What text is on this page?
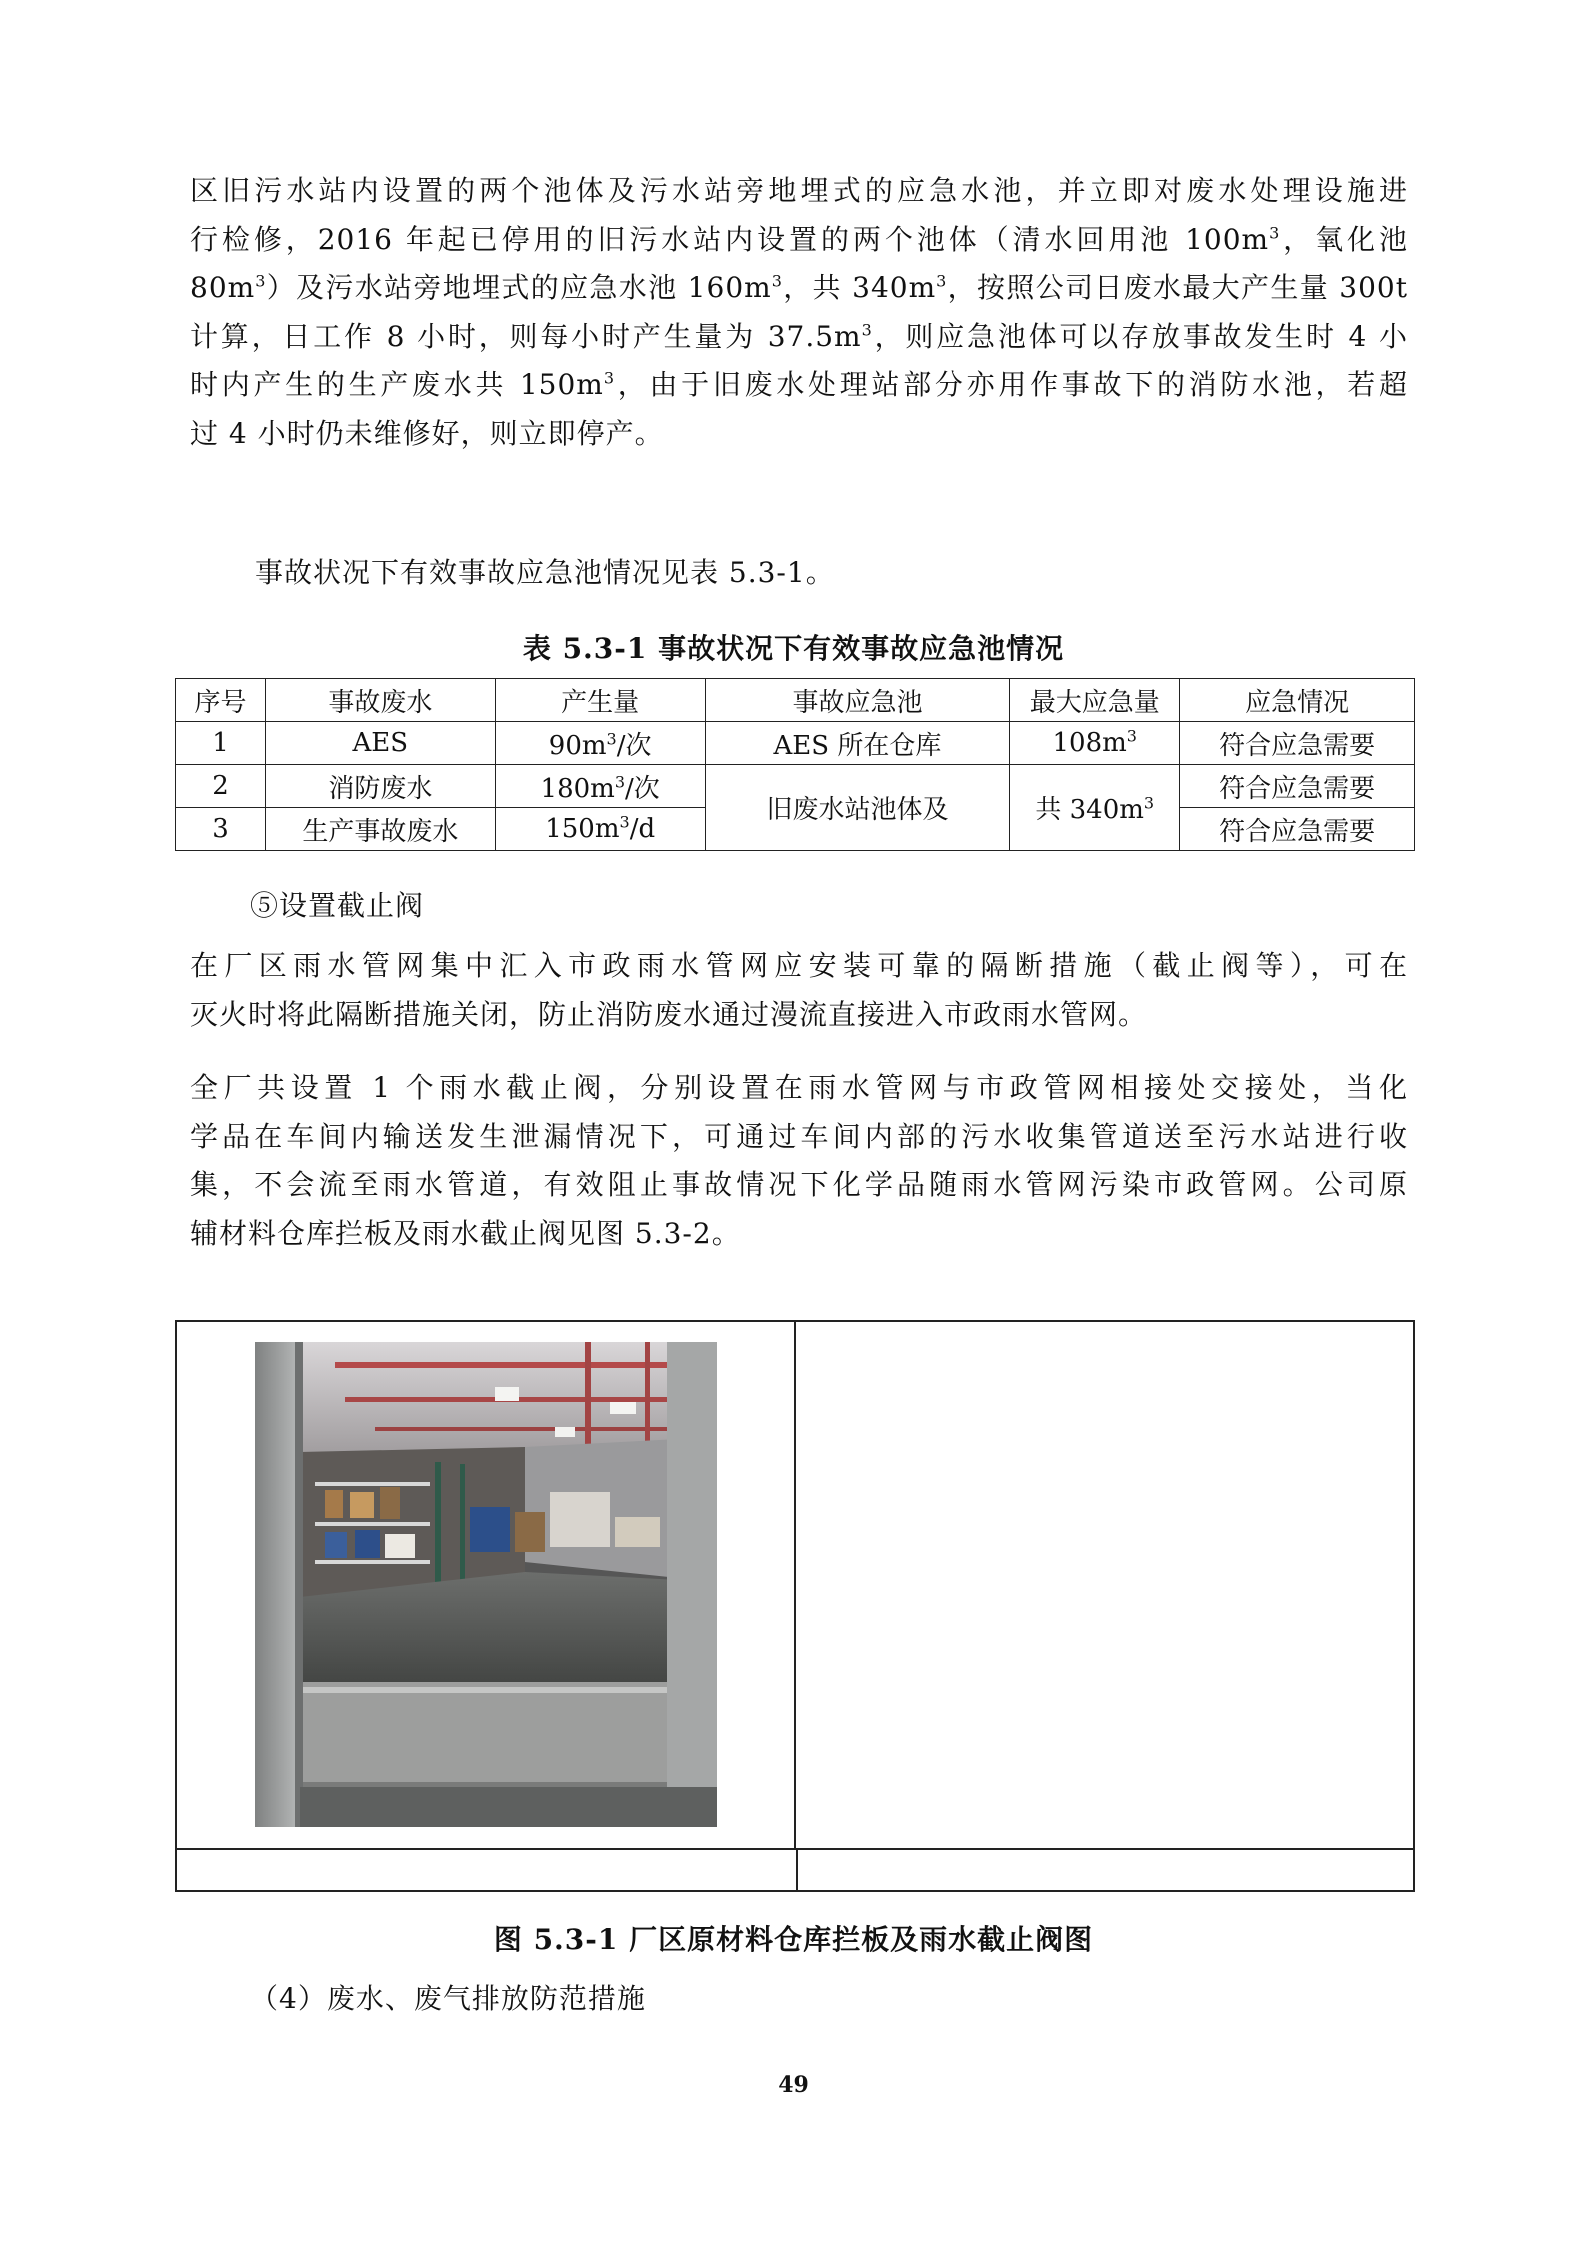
区旧污水站内设置的两个池体及污水站旁地埋式的应急水池，并立即对废水处理设施进
行检修，2016 年起已停用的旧污水站内设置的两个池体（清水回用池 $100m^3$，氧化池
$80m^3$）及污水站旁地埋式的应急水池 $160m^3$，共 $340m^3$，按照公司日废水最大产生量 300t
计算，日工作 8 小时，则每小时产生量为 $37.5m^3$，则应急池体可以存放事故发生时 4 小
时内产生的生产废水共 $150m^3$，由于旧废水处理站部分亦用作事故下的消防水池，若超
过 4 小时仍未维修好，则立即停产。
事故状况下有效事故应急池情况见表 5.3-1。
表 5.3-1 事故状况下有效事故应急池情况
序号	事故废水	产生量	事故应急池	最大应急量	应急情况
1	AES	$90m^3/$次	AES 所在仓库	$108m^3$	符合应急需要
2	消防废水	$180m^3/$次	旧废水站池体及	共 $340m^3$	符合应急需要
3	生产事故废水	$150m^3/d$			符合应急需要
⑤设置截止阀
在厂区雨水管网集中汇入市政雨水管网应安装可靠的隔断措施（截止阀等），可在
灭火时将此隔断措施关闭，防止消防废水通过漫流直接进入市政雨水管网。
全厂共设置 1 个雨水截止阀，分别设置在雨水管网与市政管网相接处交接处，当化
学品在车间内输送发生泄漏情况下，可通过车间内部的污水收集管道送至污水站进行收
集，不会流至雨水管道，有效阻止事故情况下化学品随雨水管网污染市政管网。公司原
辅材料仓库拦板及雨水截止阀见图 5.3-2。
图 5.3-1 厂区原材料仓库拦板及雨水截止阀图
（4）废水、废气排放防范措施
49
